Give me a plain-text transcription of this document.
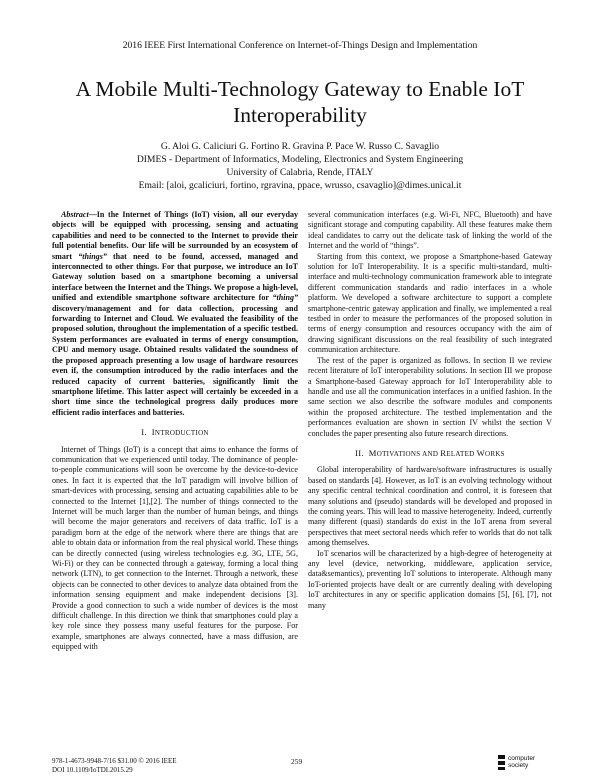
2016 IEEE First International Conference on Internet-of-Things Design and Implementation
A Mobile Multi-Technology Gateway to Enable IoT Interoperability
G. Aloi G. Caliciuri G. Fortino R. Gravina P. Pace W. Russo C. Savaglio
DIMES - Department of Informatics, Modeling, Electronics and System Engineering
University of Calabria, Rende, ITALY
Email: [aloi, gcaliciuri, fortino, rgravina, ppace, wrusso, csavaglio]@dimes.unical.it

Abstract—In the Internet of Things (IoT) vision, all our everyday objects will be equipped with processing, sensing and actuating capabilities and need to be connected to the Internet to provide their full potential benefits. Our life will be surrounded by an ecosystem of smart “things” that need to be found, accessed, managed and interconnected to other things. For that purpose, we introduce an IoT Gateway solution based on a smartphone becoming a universal interface between the Internet and the Things. We propose a high-level, unified and extendible smartphone software architecture for “thing” discovery/management and for data collection, processing and forwarding to Internet and Cloud. We evaluated the feasibility of the proposed solution, throughout the implementation of a specific testbed. System performances are evaluated in terms of energy consumption, CPU and memory usage. Obtained results validated the soundness of the proposed approach presenting a low usage of hardware resources even if, the consumption introduced by the radio interfaces and the reduced capacity of current batteries, significantly limit the smartphone lifetime. This latter aspect will certainly be exceeded in a short time since the technological progress daily produces more efficient radio interfaces and batteries.

I. INTRODUCTION

Internet of Things (IoT) is a concept that aims to enhance the forms of communication that we experienced until today. The dominance of people-to-people communications will soon be overcome by the device-to-device ones. In fact it is expected that the IoT paradigm will involve billion of smart-devices with processing, sensing and actuating capabilities able to be connected to the Internet [1],[2]. The number of things connected to the Internet will be much larger than the number of human beings, and things will become the major generators and receivers of data traffic. IoT is a paradigm born at the edge of the network where there are things that are able to obtain data or information from the real physical world. These things can be directly connected (using wireless technologies e.g. 3G, LTE, 5G, Wi-Fi) or they can be connected through a gateway, forming a local thing network (LTN), to get connection to the Internet. Through a network, these objects can be connected to other devices to analyze data obtained from the information sensing equipment and make independent decisions [3]. Provide a good connection to such a wide number of devices is the most difficult challenge. In this direction we think that smartphones could play a key role since they possess many useful features for the purpose. For example, smartphones are always connected, have a mass diffusion, are equipped with

several communication interfaces (e.g. Wi-Fi, NFC, Bluetooth) and have significant storage and computing capability. All these features make them ideal candidates to carry out the delicate task of linking the world of the Internet and the world of “things”.

Starting from this context, we propose a Smartphone-based Gateway solution for IoT Interoperability. It is a specific multi-standard, multi-interface and multi-technology communication framework able to integrate different communication standards and radio interfaces in a whole platform. We developed a software architecture to support a complete smartphone-centric gateway application and finally, we implemented a real testbed in order to measure the performances of the proposed solution in terms of energy consumption and resources occupancy with the aim of drawing significant discussions on the real feasibility of such integrated communication architecture.

The rest of the paper is organized as follows. In section II we review recent literature of IoT interoperability solutions. In section III we propose a Smartphone-based Gateway approach for IoT Interoperability able to handle and use all the communication interfaces in a unified fashion. In the same section we also describe the software modules and components within the proposed architecture. The testbed implementation and the performances evaluation are shown in section IV whilst the section V concludes the paper presenting also future research directions.

II. MOTIVATIONS AND RELATED WORKS

Global interoperability of hardware/software infrastructures is usually based on standards [4]. However, as IoT is an evolving technology without any specific central technical coordination and control, it is foreseen that many solutions and (pseudo) standards will be developed and proposed in the coming years. This will lead to massive heterogeneity. Indeed, currently many different (quasi) standards do exist in the IoT arena from several perspectives that meet sectoral needs which refer to worlds that do not talk among themselves.

IoT scenarios will be characterized by a high-degree of heterogeneity at any level (device, networking, middleware, application service, data&semantics), preventing IoT solutions to interoperate. Although many IoT-oriented projects have dealt or are currently dealing with developing IoT architectures in any or specific application domains [5], [6], [7], not many

978-1-4673-9948-7/16 $31.00 © 2016 IEEE
DOI 10.1109/IoTDI.2015.29
259	computer
society
